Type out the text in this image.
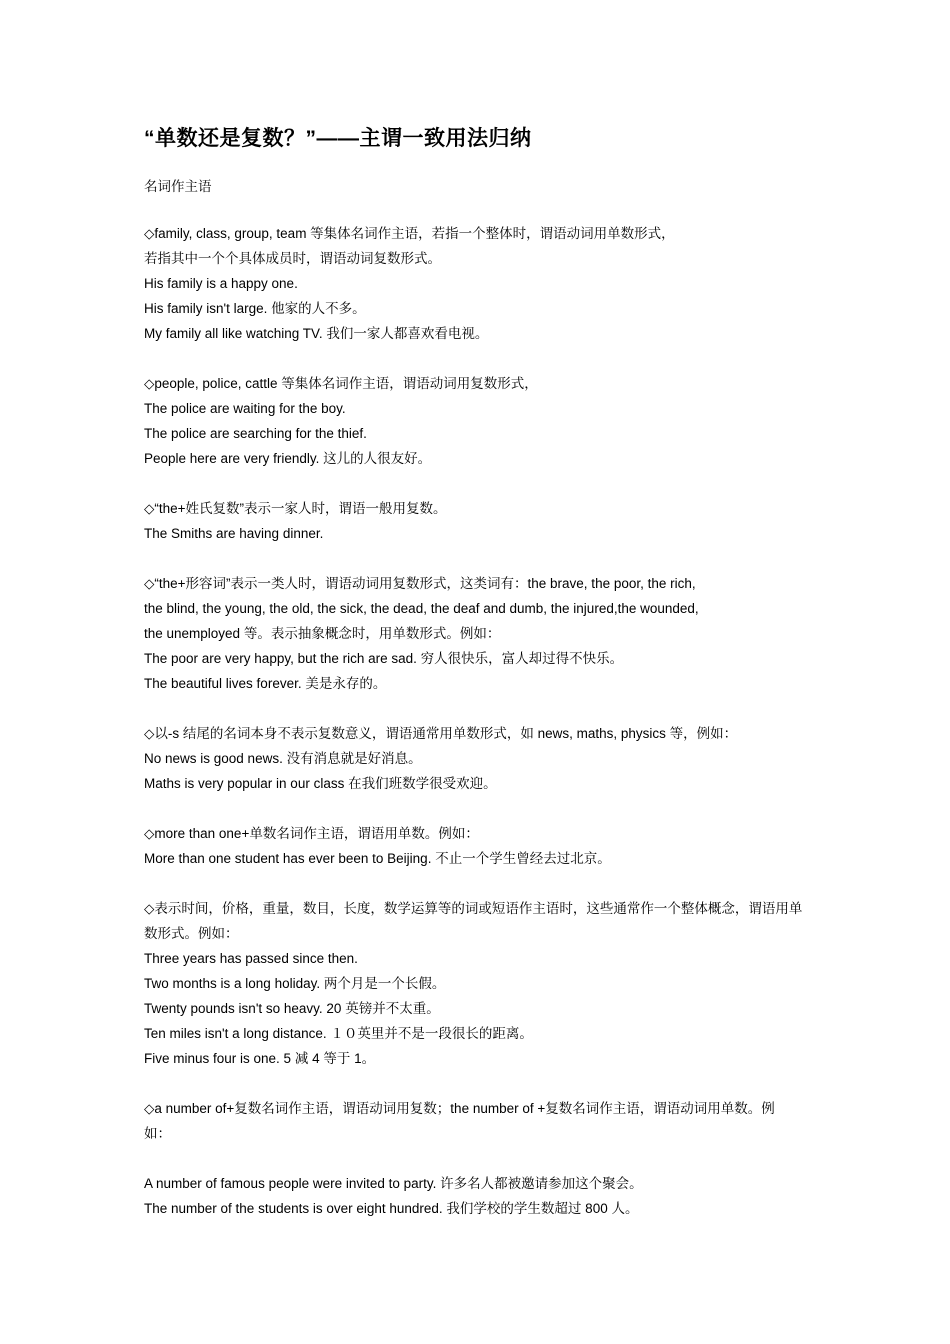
“单数还是复数？”——主谓一致用法归纳
名词作主语
◇family, class, group, team 等集体名词作主语，若指一个整体时，谓语动词用单数形式，
若指其中一个个具体成员时，谓语动词复数形式。
His family is a happy one.
His family isn't large. 他家的人不多。
My family all like watching TV. 我们一家人都喜欢看电视。
◇people, police, cattle 等集体名词作主语，谓语动词用复数形式，
The police are waiting for the boy.
The police are searching for the thief.
People here are very friendly. 这儿的人很友好。
◇“the+姓氏复数”表示一家人时，谓语一般用复数。
The Smiths are having dinner.
◇“the+形容词”表示一类人时，谓语动词用复数形式，这类词有：the brave, the poor, the rich,
the blind, the young, the old, the sick, the dead, the deaf and dumb, the injured,the wounded,
the unemployed 等。表示抽象概念时，用单数形式。例如：
The poor are very happy, but the rich are sad. 穷人很快乐，富人却过得不快乐。
The beautiful lives forever. 美是永存的。
◇以-s 结尾的名词本身不表示复数意义，谓语通常用单数形式，如 news, maths, physics 等，例如：
No news is good news. 没有消息就是好消息。
Maths is very popular in our class 在我们班数学很受欢迎。
◇more than one+单数名词作主语，谓语用单数。例如：
More than one student has ever been to Beijing. 不止一个学生曾经去过北京。
◇表示时间，价格，重量，数目，长度，数学运算等的词或短语作主语时，这些通常作一个整体概念，谓语用单
数形式。例如：
Three years has passed since then.
Two months is a long holiday. 两个月是一个长假。
Twenty pounds isn't so heavy. 20 英镑并不太重。
Ten miles isn't a long distance. １０英里并不是一段很长的距离。
Five minus four is one. 5 减 4 等于 1。
◇a number of+复数名词作主语，谓语动词用复数；the number of +复数名词作主语，谓语动词用单数。例
如：
A number of famous people were invited to party. 许多名人都被邀请参加这个聚会。
The number of the students is over eight hundred. 我们学校的学生数超过 800 人。
